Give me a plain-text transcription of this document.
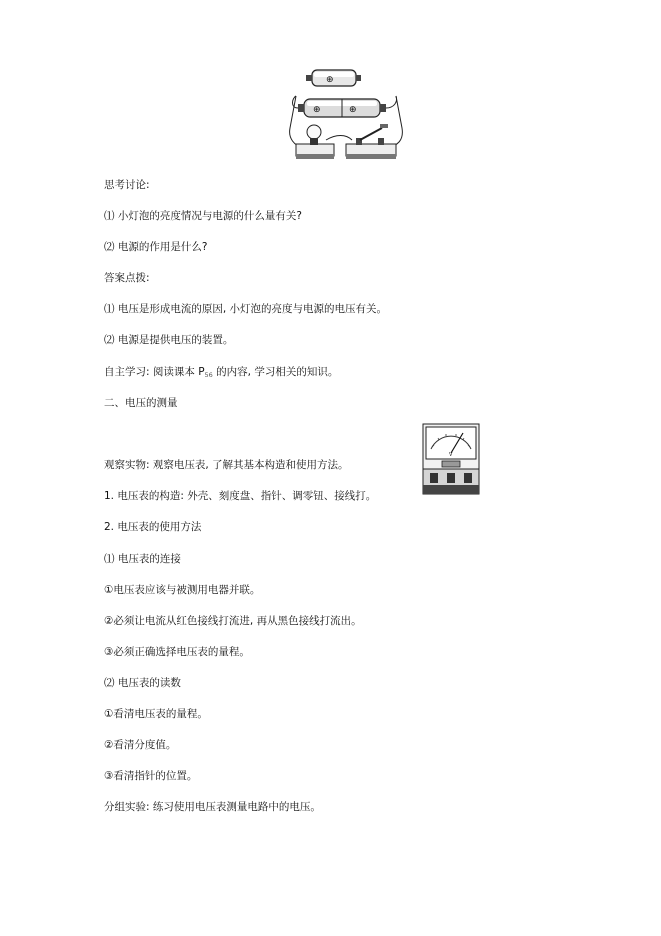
⊕
⊕	⊕
思考讨论:
⑴ 小灯泡的亮度情况与电源的什么量有关?
⑵ 电源的作用是什么?
答案点拨:
⑴ 电压是形成电流的原因, 小灯泡的亮度与电源的电压有关。
⑵ 电源是提供电压的装置。
自主学习: 阅读课本 $P_{56}$ 的内容, 学习相关的知识。
二、电压的测量
V
观察实物: 观察电压表, 了解其基本构造和使用方法。
1. 电压表的构造: 外壳、刻度盘、指针、调零钮、接线打。
2. 电压表的使用方法
⑴ 电压表的连接
①电压表应该与被测用电器并联。
②必须让电流从红色接线打流进, 再从黑色接线打流出。
③必须正确选择电压表的量程。
⑵ 电压表的读数
①看清电压表的量程。
②看清分度值。
③看清指针的位置。
分组实验: 练习使用电压表测量电路中的电压。
